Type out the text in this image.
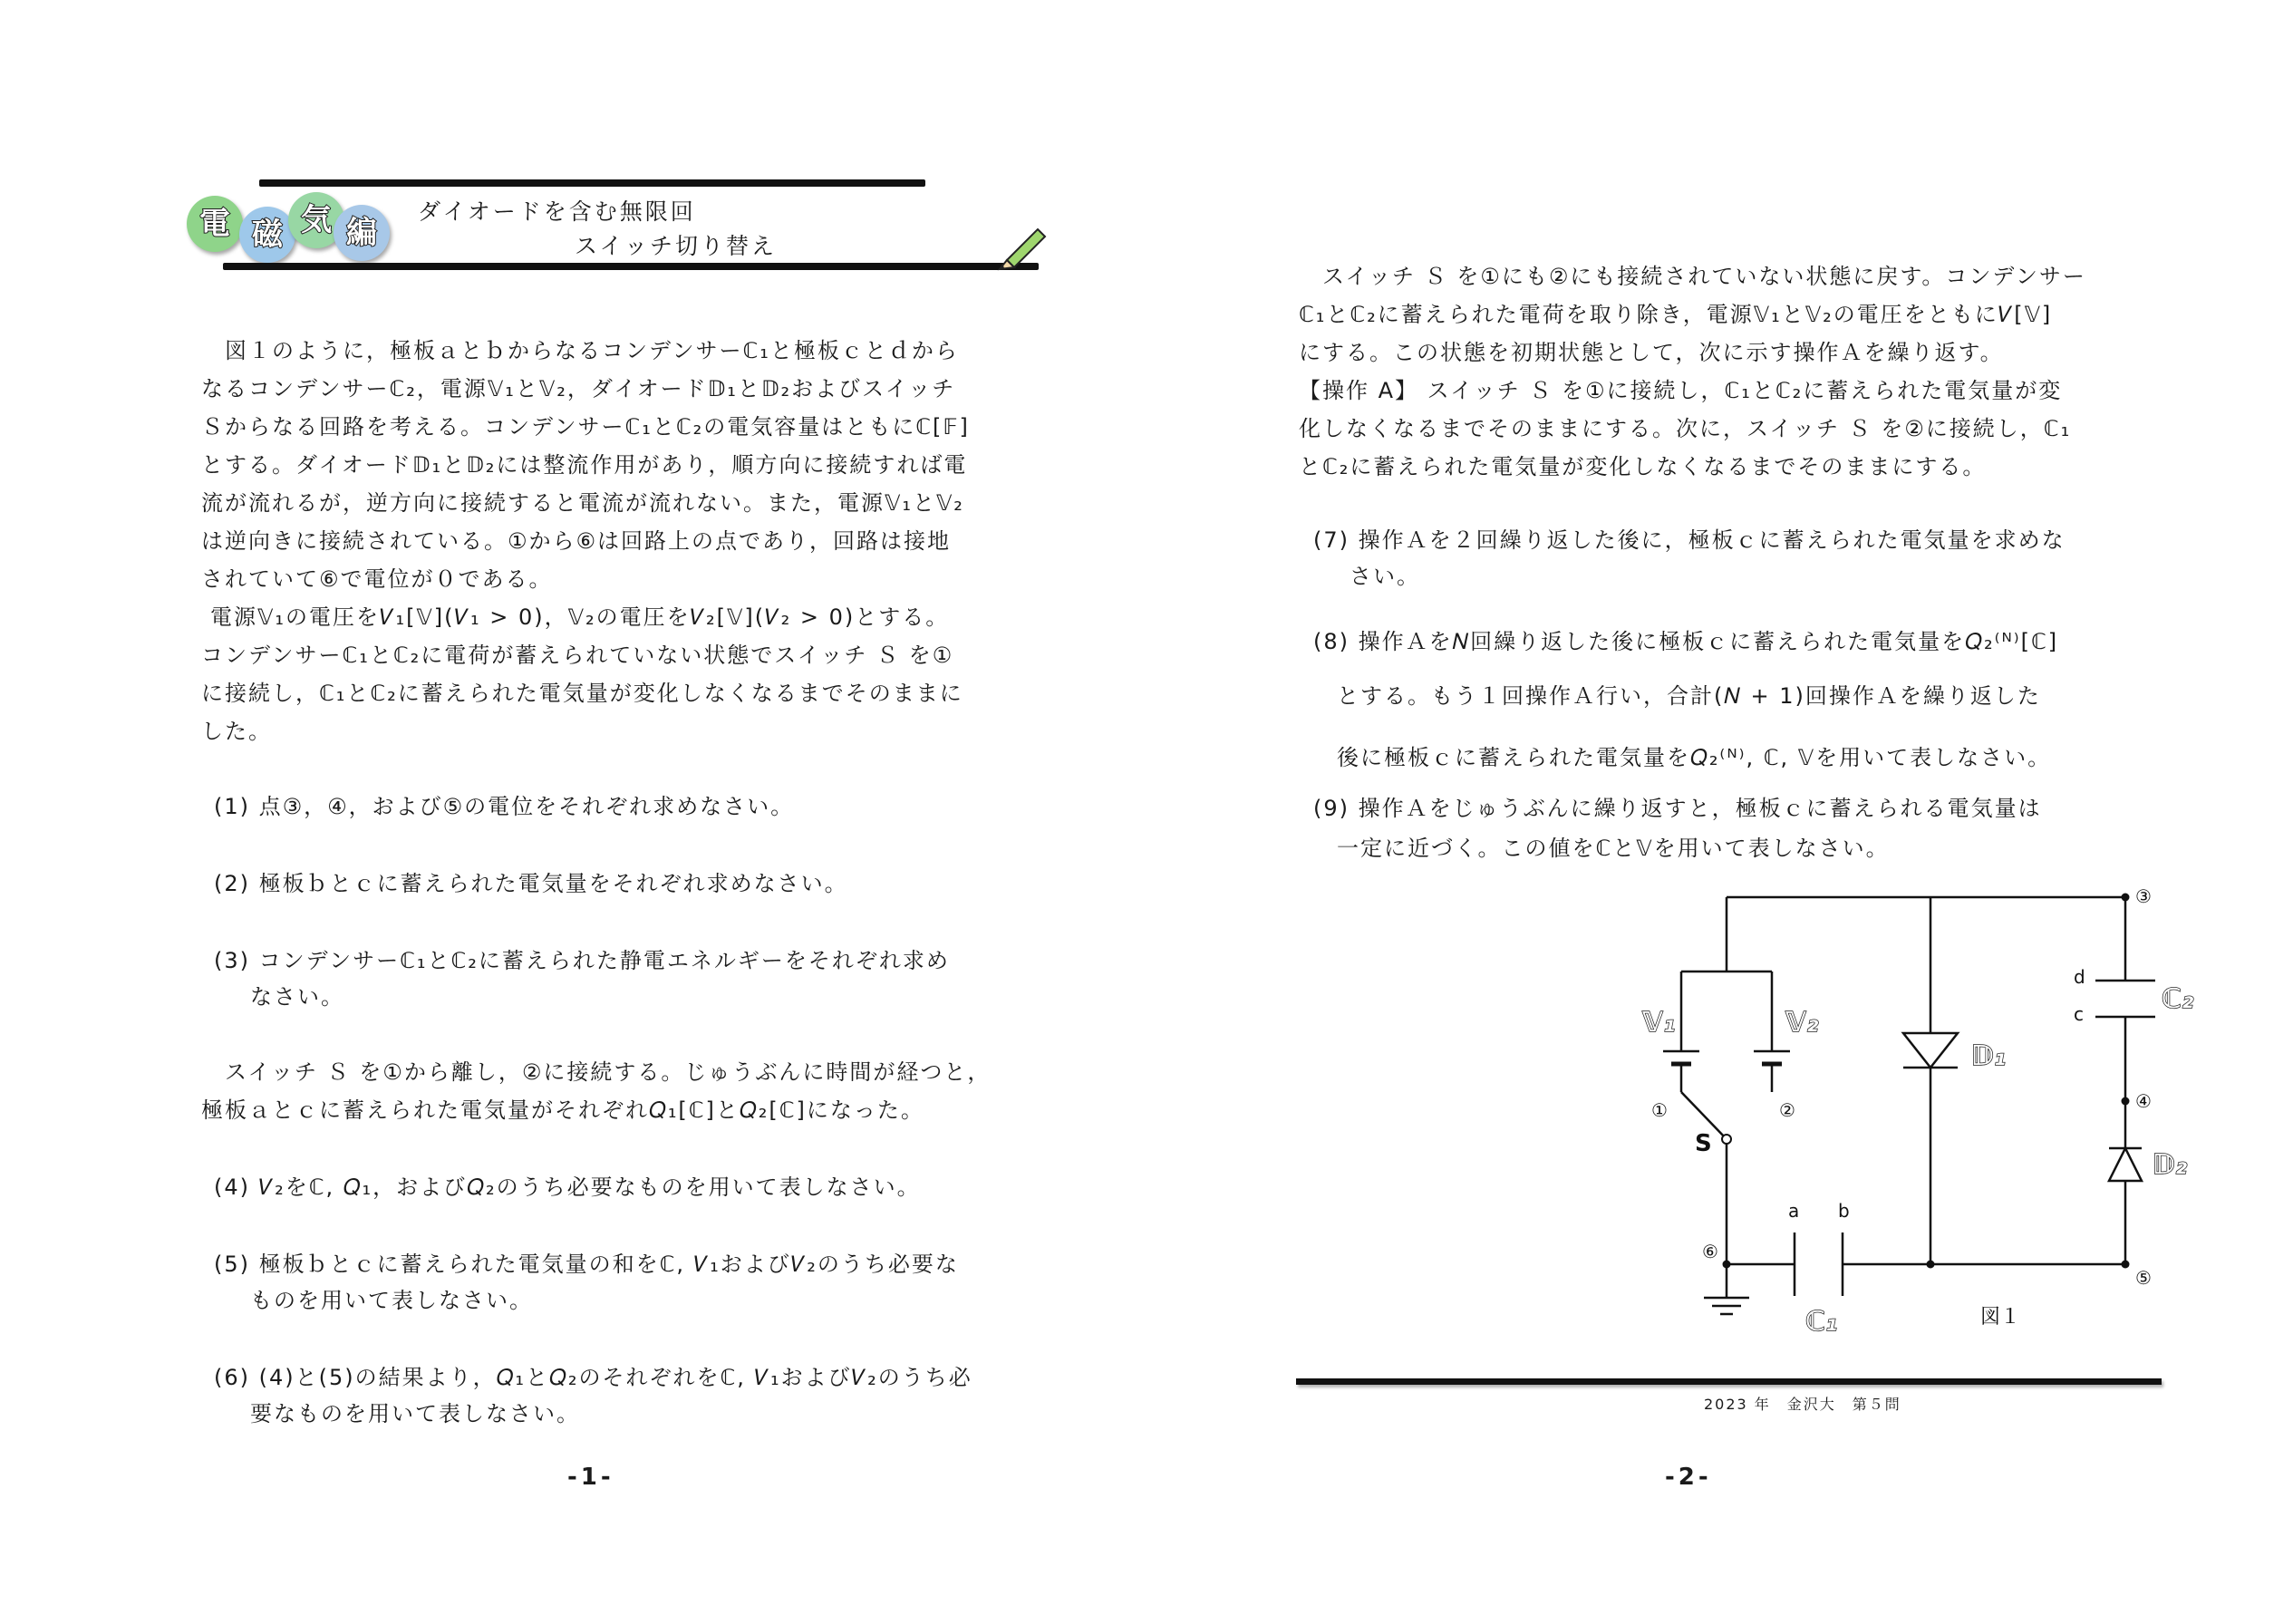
電 磁 気 編
ダイオードを含む無限回
スイッチ切り替え
　図１のように，極板ａとｂからなるコンデンサーℂ₁と極板ｃとｄから
なるコンデンサーℂ₂，電源𝕍₁と𝕍₂，ダイオード𝔻₁と𝔻₂およびスイッチ
Ｓからなる回路を考える。コンデンサーℂ₁とℂ₂の電気容量はともにℂ[𝔽]
とする。ダイオード𝔻₁と𝔻₂には整流作用があり，順方向に接続すれば電
流が流れるが，逆方向に接続すると電流が流れない。また，電源𝕍₁と𝕍₂
は逆向きに接続されている。①から⑥は回路上の点であり，回路は接地
されていて⑥で電位が０である。
電源𝕍₁の電圧を𝑉₁[𝕍](𝑉₁ > 0)，𝕍₂の電圧を𝑉₂[𝕍](𝑉₂ > 0)とする。
コンデンサーℂ₁とℂ₂に電荷が蓄えられていない状態でスイッチ Ｓ を①
に接続し，ℂ₁とℂ₂に蓄えられた電気量が変化しなくなるまでそのままに
した。
(1) 点③，④，および⑤の電位をそれぞれ求めなさい。
(2) 極板ｂとｃに蓄えられた電気量をそれぞれ求めなさい。
(3) コンデンサーℂ₁とℂ₂に蓄えられた静電エネルギーをそれぞれ求め
なさい。
　スイッチ Ｓ を①から離し，②に接続する。じゅうぶんに時間が経つと，
極板ａとｃに蓄えられた電気量がそれぞれ𝑄₁[ℂ]と𝑄₂[ℂ]になった。
(4) 𝑉₂をℂ, 𝑄₁，および𝑄₂のうち必要なものを用いて表しなさい。
(5) 極板ｂとｃに蓄えられた電気量の和をℂ, 𝑉₁および𝑉₂のうち必要な
ものを用いて表しなさい。
(6) (4)と(5)の結果より，𝑄₁と𝑄₂のそれぞれをℂ, 𝑉₁および𝑉₂のうち必
要なものを用いて表しなさい。
-1-
　スイッチ Ｓ を①にも②にも接続されていない状態に戻す。コンデンサー
ℂ₁とℂ₂に蓄えられた電荷を取り除き，電源𝕍₁と𝕍₂の電圧をともに𝑉[𝕍]
にする。この状態を初期状態として，次に示す操作Ａを繰り返す。
【操作 A】 スイッチ Ｓ を①に接続し，ℂ₁とℂ₂に蓄えられた電気量が変
化しなくなるまでそのままにする。次に，スイッチ Ｓ を②に接続し，ℂ₁
とℂ₂に蓄えられた電気量が変化しなくなるまでそのままにする。
(7) 操作Ａを２回繰り返した後に，極板ｃに蓄えられた電気量を求めな
さい。
(8) 操作Ａを𝑁回繰り返した後に極板ｃに蓄えられた電気量を𝑄₂⁽ᴺ⁾[ℂ]
とする。もう１回操作Ａ行い，合計(𝑁 + 1)回操作Ａを繰り返した
後に極板ｃに蓄えられた電気量を𝑄₂⁽ᴺ⁾, ℂ, 𝕍を用いて表しなさい。
(9) 操作Ａをじゅうぶんに繰り返すと，極板ｃに蓄えられる電気量は
一定に近づく。この値をℂと𝕍を用いて表しなさい。
①	②
③
④
⑤
⑥
a b
d
c
𝕍₁	𝕍₂
𝔻₁
𝔻₂
ℂ₂
ℂ₁
S
図１
2023 年　金沢大　第５問
-2-
